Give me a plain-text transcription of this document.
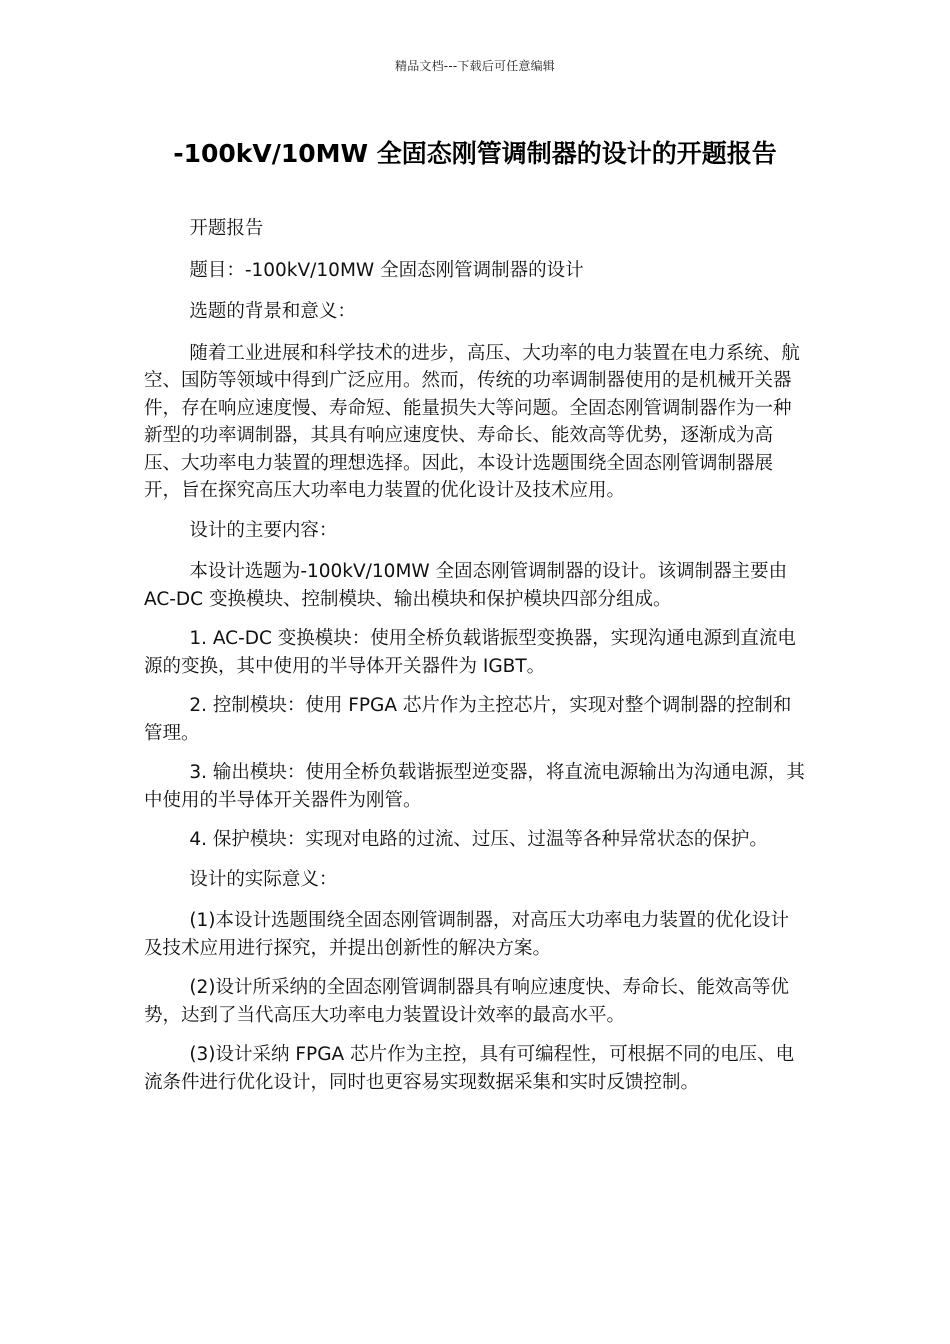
精品文档---下载后可任意编辑
-100kV/10MW 全固态刚管调制器的设计的开题报告

开题报告

题目：-100kV/10MW 全固态刚管调制器的设计

选题的背景和意义：

随着工业进展和科学技术的进步，高压、大功率的电力装置在电力系统、航空、国防等领域中得到广泛应用。然而，传统的功率调制器使用的是机械开关器件，存在响应速度慢、寿命短、能量损失大等问题。全固态刚管调制器作为一种新型的功率调制器，其具有响应速度快、寿命长、能效高等优势，逐渐成为高压、大功率电力装置的理想选择。因此，本设计选题围绕全固态刚管调制器展开，旨在探究高压大功率电力装置的优化设计及技术应用。

设计的主要内容：

本设计选题为-100kV/10MW 全固态刚管调制器的设计。该调制器主要由 AC-DC 变换模块、控制模块、输出模块和保护模块四部分组成。

1. AC-DC 变换模块：使用全桥负载谐振型变换器，实现沟通电源到直流电源的变换，其中使用的半导体开关器件为 IGBT。

2. 控制模块：使用 FPGA 芯片作为主控芯片，实现对整个调制器的控制和管理。

3. 输出模块：使用全桥负载谐振型逆变器，将直流电源输出为沟通电源，其中使用的半导体开关器件为刚管。

4. 保护模块：实现对电路的过流、过压、过温等各种异常状态的保护。

设计的实际意义：

(1)本设计选题围绕全固态刚管调制器，对高压大功率电力装置的优化设计及技术应用进行探究，并提出创新性的解决方案。

(2)设计所采纳的全固态刚管调制器具有响应速度快、寿命长、能效高等优势，达到了当代高压大功率电力装置设计效率的最高水平。

(3)设计采纳 FPGA 芯片作为主控，具有可编程性，可根据不同的电压、电流条件进行优化设计，同时也更容易实现数据采集和实时反馈控制。
